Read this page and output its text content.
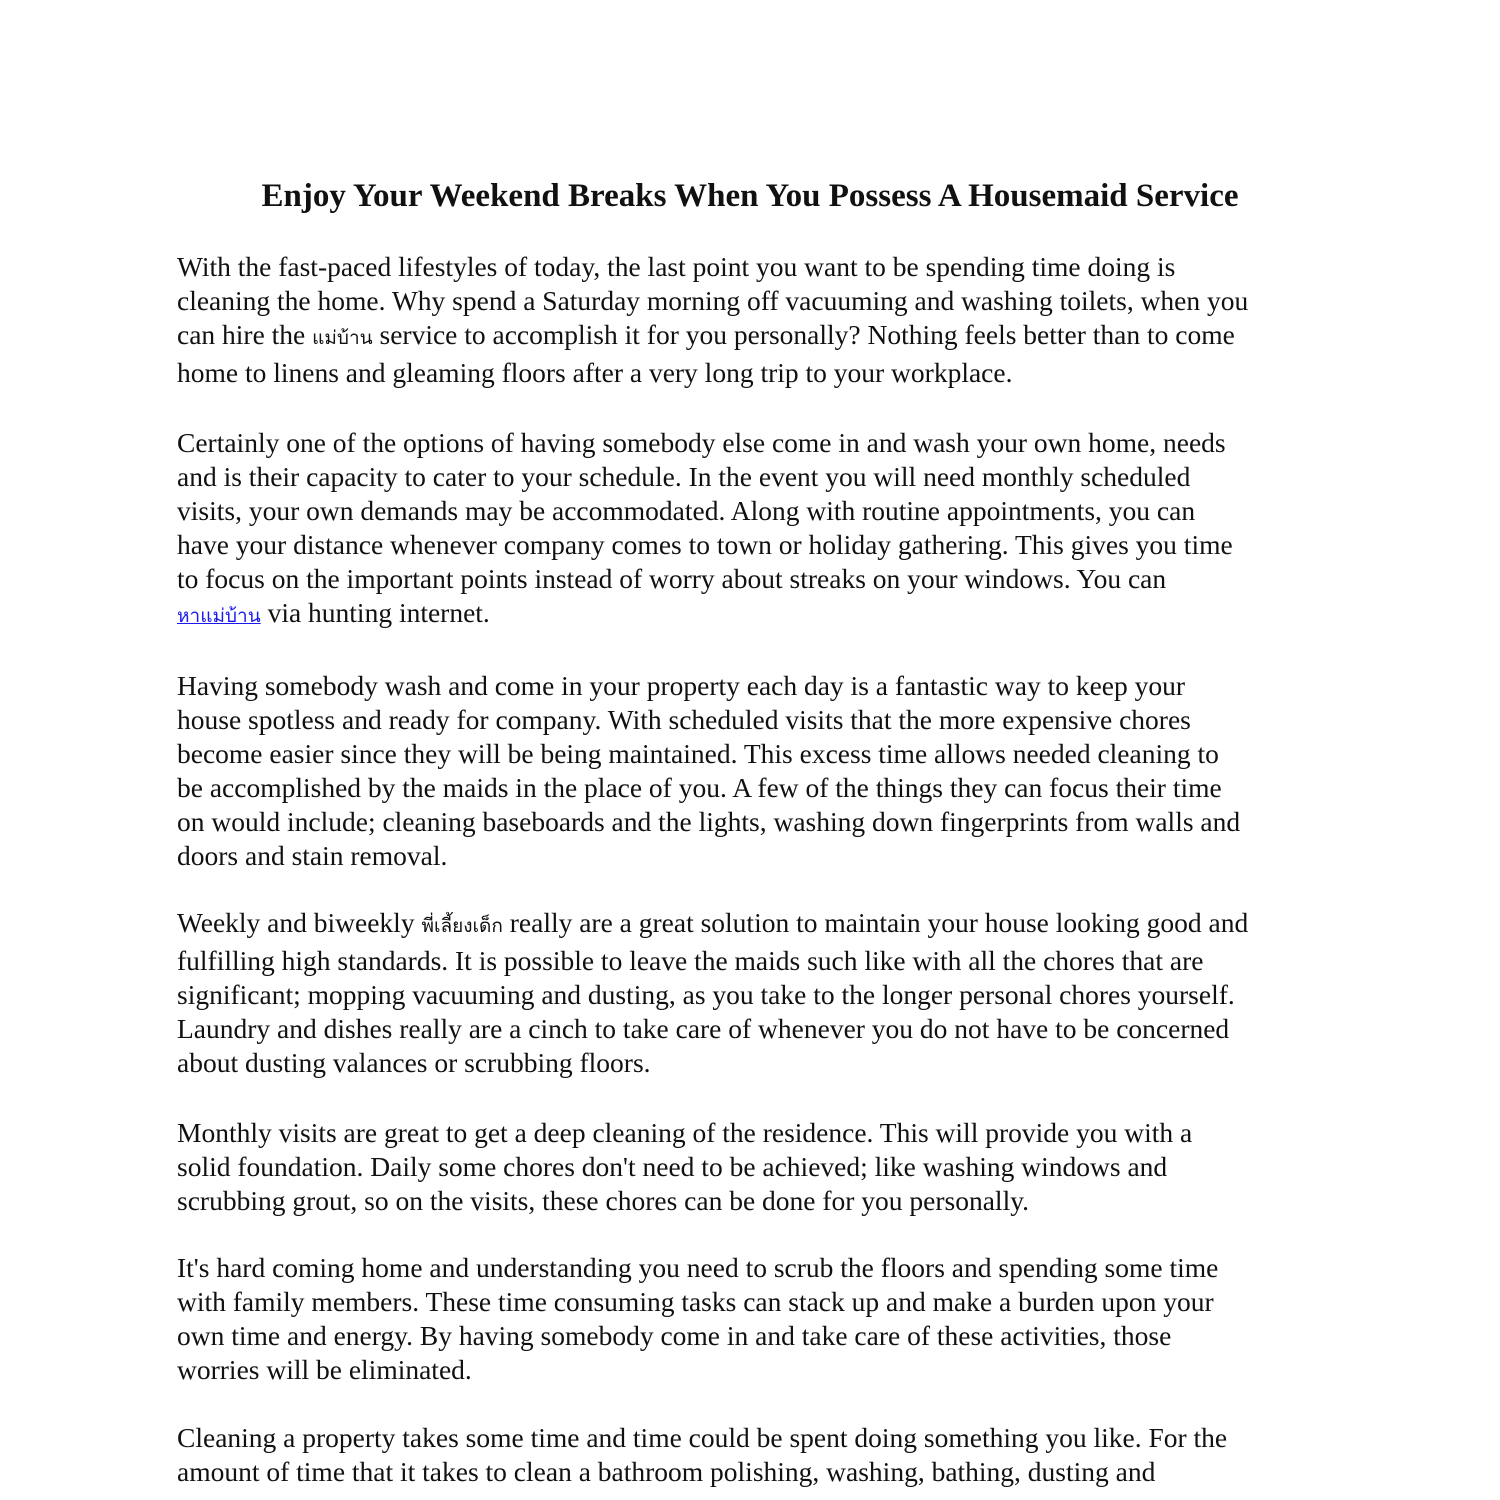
Enjoy Your Weekend Breaks When You Possess A Housemaid Service

With the fast-paced lifestyles of today, the last point you want to be spending time doing is
cleaning the home. Why spend a Saturday morning off vacuuming and washing toilets, when you
can hire the แม่บ้าน service to accomplish it for you personally? Nothing feels better than to come
home to linens and gleaming floors after a very long trip to your workplace.

Certainly one of the options of having somebody else come in and wash your own home, needs
and is their capacity to cater to your schedule. In the event you will need monthly scheduled
visits, your own demands may be accommodated. Along with routine appointments, you can
have your distance whenever company comes to town or holiday gathering. This gives you time
to focus on the important points instead of worry about streaks on your windows. You can
หาแม่บ้าน via hunting internet.

Having somebody wash and come in your property each day is a fantastic way to keep your
house spotless and ready for company. With scheduled visits that the more expensive chores
become easier since they will be being maintained. This excess time allows needed cleaning to
be accomplished by the maids in the place of you. A few of the things they can focus their time
on would include; cleaning baseboards and the lights, washing down fingerprints from walls and
doors and stain removal.

Weekly and biweekly พี่เลี้ยงเด็ก really are a great solution to maintain your house looking good and
fulfilling high standards. It is possible to leave the maids such like with all the chores that are
significant; mopping vacuuming and dusting, as you take to the longer personal chores yourself.
Laundry and dishes really are a cinch to take care of whenever you do not have to be concerned
about dusting valances or scrubbing floors.

Monthly visits are great to get a deep cleaning of the residence. This will provide you with a
solid foundation. Daily some chores don't need to be achieved; like washing windows and
scrubbing grout, so on the visits, these chores can be done for you personally.

It's hard coming home and understanding you need to scrub the floors and spending some time
with family members. These time consuming tasks can stack up and make a burden upon your
own time and energy. By having somebody come in and take care of these activities, those
worries will be eliminated.

Cleaning a property takes some time and time could be spent doing something you like. For the
amount of time that it takes to clean a bathroom polishing, washing, bathing, dusting and
